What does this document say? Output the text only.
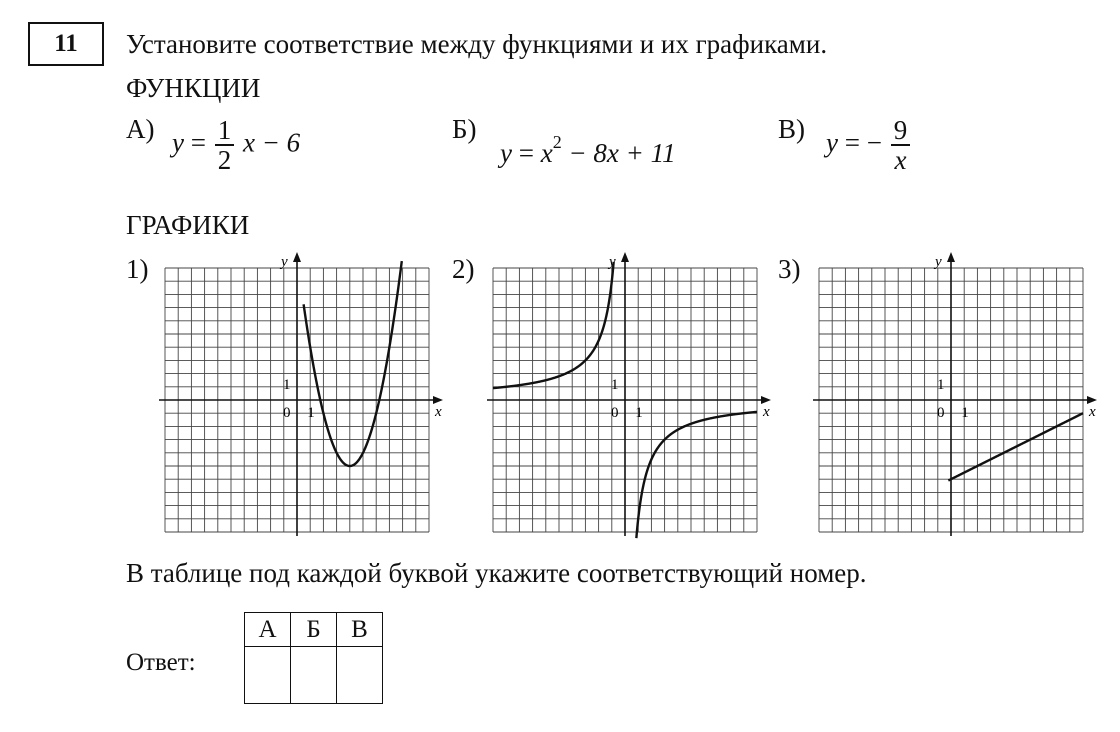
11	Установите соответствие между функциями и их графиками.
ФУНКЦИИ
А) $y = \frac{1}{2}$ x − 6	Б)
$y = x^2 - 8x + 11$
В) y = − $\frac{9}{x}$
ГРАФИКИ
1)	2)	3)
y
x
0 1
1
y
x
0 1
1
y
x
0 1
1
В таблице под каждой буквой укажите соответствующий номер.
Ответ:
А	Б	В
